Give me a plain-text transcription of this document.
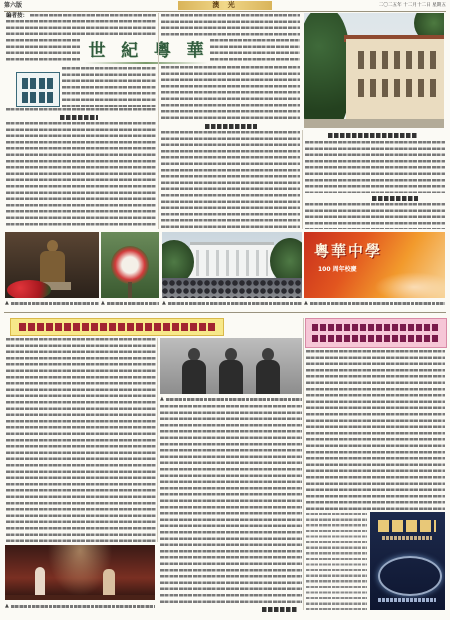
第六版	澳 光	二〇二五年 十二月十二日 星期五
編者按：
世 紀 粵 華
▲	▲	▲
粵華中學
100 周年校慶
▲
▲
▲
